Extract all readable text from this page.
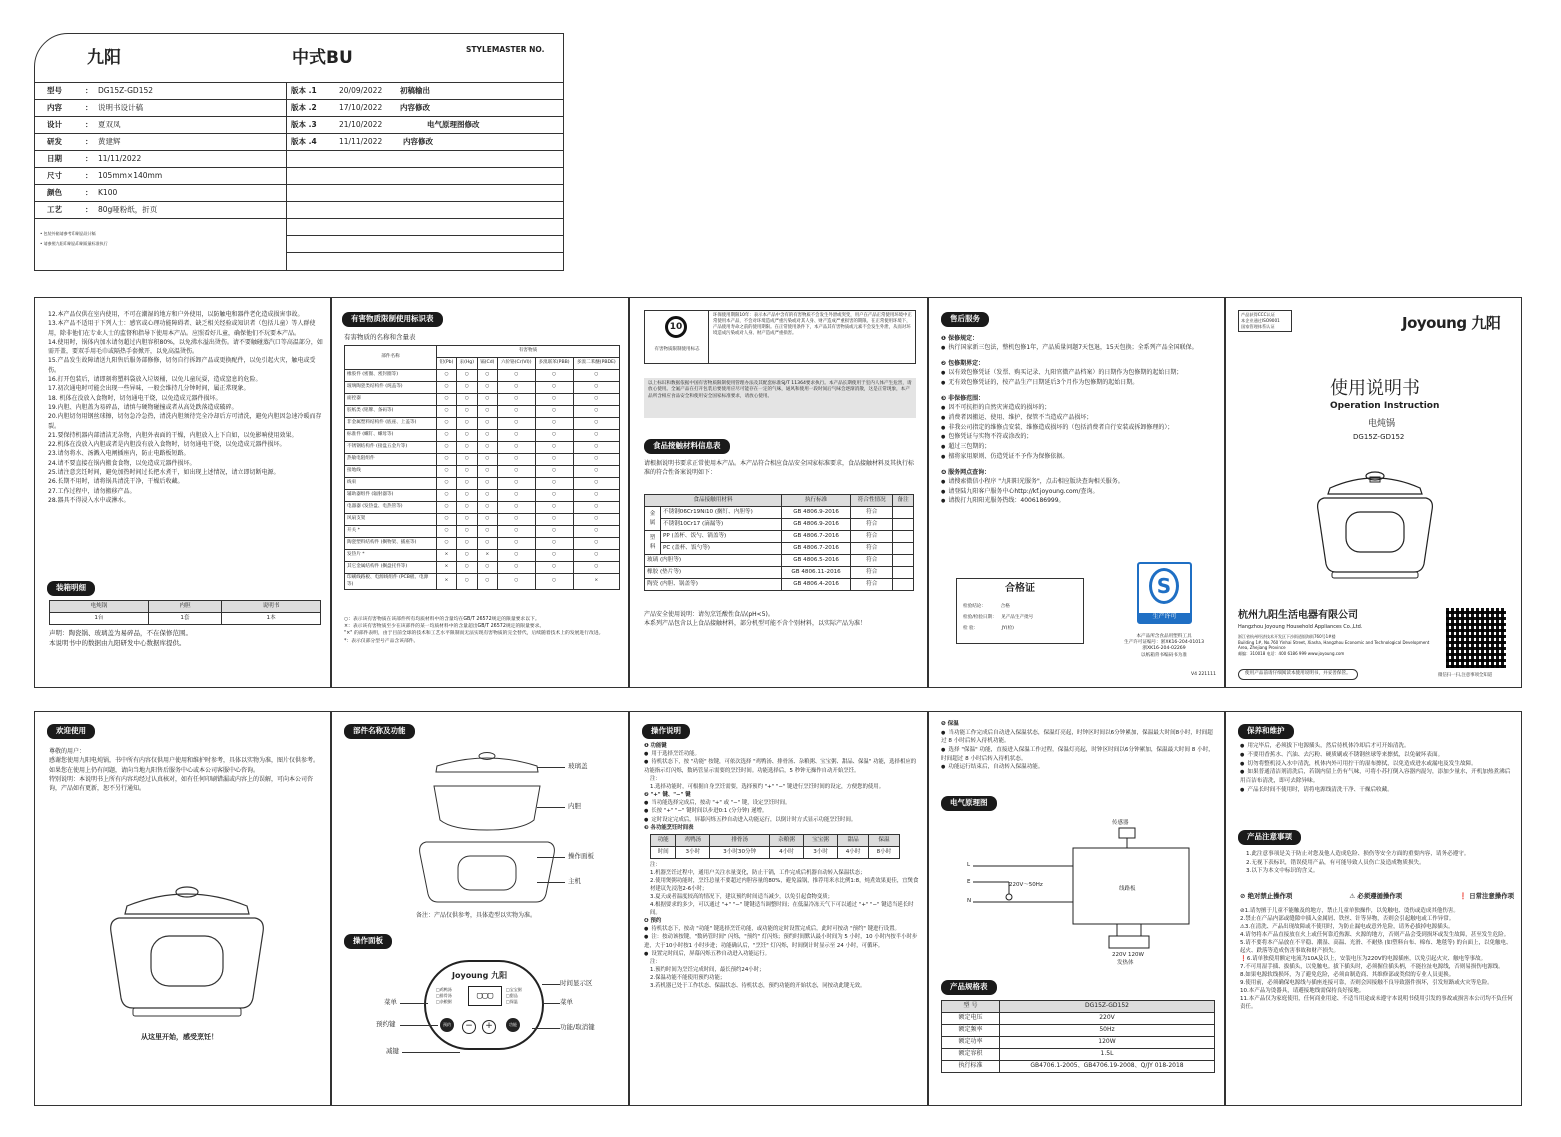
九阳	中式BU	STYLEMASTER NO.
型号	： DG15Z-GD152
内容	： 说明书设计稿
设计	： 夏双凤
研发	： 黄建辉
日期	： 11/11/2022
尺寸	： 105mm×140mm
颜色	： K100
工艺	： 80g哑粉纸，折页
版本 .1	20/09/2022 初稿输出
版本 .2	17/10/2022 内容修改
版本 .3	21/10/2022	电气原理图修改
版本 .4	11/11/2022	内容修改
• 包装外箱请参考印刷品设计稿
• 请参照九阳印刷品印刷质量标准执行
12.本产品仅供在室内使用，不可在潮湿的地方和户外使用，以防触电和器件老化造成损害事故。
13.本产品不适用于下列人士：感官或心理功能障碍者、缺乏相关经验或知识者（包括儿童）等人群使用，除非他们在专业人士的监督和指导下使用本产品。应照看好儿童，确保他们不玩要本产品。
14.使用时，锅体内加水请勿超过内胆容积80%，以免沸水溢出烫伤。请不要触碰蒸汽口等高温部分，如需开盖，要双手用毛巾或隔热手套掀开，以免高温烫伤。
15.产品发生故障请送九阳售后服务部修修，切勿自行拆卸产品或更换配件，以免引起火灾，触电或受伤。
16.打开包装后，请即刻将塑料袋放入垃圾桶，以免儿童玩耍，造成窒息的危险。
17.初次通电时可能会出现一些异味，一般会维持几分钟时间，属正常现象。
18. 机体在没放入食物时，切勿通电干烧，以免造成元器件损坏。
19.内胆、内胆盖为易碎品，请慎与硬物碰撞或者从高处跌落造成破碎。
20.内胆切勿用钢丝球擦，切勿急冷急热，清洗内胆须待完全冷却后方可清洗，避免内胆因急速冷暖而存裂。
21.要保持机器内部清洁无杂物，内胆外表面的干燥，内胆放入上下自如，以免影响使用效果。
22.机体在没放入内胆或者是内胆没有放入食物时，切勿通电干烧，以免造成元器件损坏。
23.请勿将水、汤溅入电闸插座内，防止电路板短路。
24.请不要直接在锅内搬食食物，以免造成元器件损坏。
25.请注意烹饪时间，避免加热时间过长把水煮干，如出现上述情况，请立即切断电源。
26.长期不用时，请将锅具清洗干净，干燥后收藏。
27.工作过程中，请勿搬移产品。
28.器具不得浸入水中或淋水。
装箱明细
电炖锅	内胆	说明书
1台	1套	1本
声明：陶瓷锅、玻璃盖为易碎品，不在保修范围。
本说明书中的数据由九阳研发中心数据库提供。
有害物质限制使用标识表
有害物质的名称和含量表
部件名称	有害物质					
	铅(Pb)	汞(Hg)	镉(Cd)	六价铬(Cr(VI))	多溴联苯(PBB)	多溴二苯醚(PBDE)
橡胶件 (密圈、密封圈等)	○	○	○	○	○	○
玻璃陶瓷类结构件 (炖盖等)	○	○	○	○	○	○
面控器	○	○	○	○	○	○
胶纸类 (铭牌、条码等)	○	○	○	○	○	○
非金属塑料结构件 (底座、上盖等)	○	○	○	○	○	○
标准件 (螺钉、螺母等)	○	○	○	○	○	○
不锈钢结构件 (接盘五金片等)	○	○	○	○	○	○
热敏电阻组件	○	○	○	○	○	○
接地线	○	○	○	○	○	○
线束	○	○	○	○	○	○
辅助器组件 (辐射器等)	○	○	○	○	○	○
电器器 (发热盘、电热管等)	○	○	○	○	○	○
风扇支架	○	○	○	○	○	○
开关 *	○	○	○	○	○	○
陶瓷塑料结构件 (搁物架、插座等)	○	○	○	○	○	○
发热片 *	×	○	×	○	○	○
其它金属结构件 (搁盘托件等)	×	○	○	○	○	○
印刷线路板、电源线组件 (PCB板、电源等)	×	○	○	○	○	×
○：表示该有害物质在该部件所有均质材料中的含量均在GB/T 26572规定的限量要求以下。
×：表示该有害物质至少在该部件的某一均质材料中的含量超出GB/T 26572规定的限量要求。
"×" 的部件表明，由于目前全球的技术和工艺水平限制而无法实现有害物质的完全替代，后续随着技术上的发展进行改进。
*：表示仅部分型号产品含该部件。
10
有害物质限制使用标志
环保使用期限10年：表示本产品中含有的有害物质不会发生外泄或突变，用户在产品正常使用环境中正常使用本产品，不会对环境造成严重污染或对其人身、财产造成严重损害的期限。在正常使用环境下，产品使用寿命之前的使用期限。在正常使用条件下，本产品其有害物质或元素不会发生外泄，从而对环境造成污染或对人身、财产造成严重损害。
以上标识和数据依据中国有害物质限制使用管理办法及其配套标准SJ/T 11364要求执行。本产品长期使用于室内人体产生危害，请放心使用。全氟产品在打开包装后要使用应尽可能存在一定的气味，通风和使用一段时间后气味会逐渐消散，这是正常现象，本产品所含相应食品安全和使用安全国家标准要求，请放心使用。
食品接触材料信息表
请根据说明书要求正常使用本产品。本产品符合相应食品安全国家标准要求，食品接触材料及其执行标准的符合性备案说明如下：
食品接触用材料		执行标准	符合性情况	备注
金属	不锈钢06Cr19Ni10 (搁钉、内胆等)	GB 4806.9-2016	符合	
	不锈钢10Cr17 (滴漏等)	GB 4806.9-2016	符合	
塑料	PP (盖杯、饭勺、锅盖等)	GB 4806.7-2016	符合	
	PC (盖杯、饭勺等)	GB 4806.7-2016	符合	
玻璃 (内胆等)		GB 4806.5-2016	符合	
橡胶 (垫片等)		GB 4806.11-2016	符合	
陶瓷 (内胆、锅盖等)		GB 4806.4-2016	符合	
产品安全使用说明：请勿烹饪酸性食品(pH<5)。
本系列产品包含以上食品接触材料，部分机型可能不含个别材料，以实际产品为准！
售后服务
❶ 保修规定：
● 执行国家新三包法，整机包修1年，产品质量问题7天包退，15天包换；全系列产品全国联保。
❷ 包修期界定：
● 以有效包修凭证（发票、购买记录、九阳官微产品档案）的日期作为包修期的起始日期；
● 无有效包修凭证的，按产品生产日期延后3个月作为包修期的起始日期。
❸ 非保修范围：
● 因不可抗拒的自然灾害造成的损坏的；
● 消费者因搬运、使用、维护、保管不当造成产品损坏；
● 非我公司指定的维修点安装、维修造成损坏的（包括消费者自行安装或拆卸修理的）；
● 包修凭证与实物不符或涂改的；
● 超过三包期的；
● 擅将家用原则、仿造凭证不予作为保修依据。
❹ 服务网点查询：
● 请搜索微信小程序 "九阳阳光服务"，点击相应版块查询相关服务。
● 请登陆九阳客户服务中心http://kf.joyoung.com/查询。
● 请拨打九阳阳光服务热线：4006186999。
合格证
检验结论：	合格
检验/检验日期： 见产品生产批号
检 验：	JY(检)
S
生产许可
本产品所含食品用塑料工具
生产许可证编号：浙XK16-204-01013
浙XK16-204-02269
以纸箱背书编码书为准
V4 221111
产品获得CCC认证
本企业通过ISO9001
国家管理体系认证	Joyoung 九阳
使用说明书
Operation Instruction
电炖锅
DG15Z-GD152
杭州九阳生活电器有限公司
Hangzhou Joyoung Household Appliances Co.,Ltd.
浙江省杭州经济技术开发区下沙街道银海街760号1#楼
Building 1#, No.760 Yinhai Street, Xiasha, Hangzhou Economic and Technological Development Area, Zhejiang Province
邮编：310018 电话：400 6186 999 www.joyoung.com
使用产品前请仔细阅读本使用说明书，并妥善保管。	微信扫一扫,注意事项全知道
欢迎使用
尊敬的用户：
感谢您使用九阳电炖锅，书中所有内容仅供用户使用和维护时参考，具体以实物为准，图片仅供参考。如果您在使用上仍有问题，请向当地九阳售后服务中心或本公司客服中心咨询。
特别说明：本说明书上所有内容均经过认真核对，如有任何印刷错漏或内容上的误解，可向本公司咨询，产品如有更新，恕不另行通知。
从这里开始，感受烹饪！
部件名称及功能
玻璃盖
内胆
操作面板
主机
备注：产品仅供参考，具体造型以实物为准。
操作面板
Joyoung 九阳
□鸡鸭汤
□排骨汤
□杂粮粥
▢▢▢
□宝宝粥
□甜品
□保温
预约	−	+	功能
时间显示区
菜单
功能/取消键
菜单
预约键
减键
操作说明
❶ 功能键
● 用于选择烹饪功能。
● 待机状态下，按 "功能" 按键，可依次选择 "鸡鸭汤、排骨汤、杂粮粥、宝宝粥、甜品、保温" 功能，选择相应的功能指示灯闪烁，数码管显示需要的烹饪时间。功能选择后，5 秒钟无操作自动开始烹饪。
注：
1.选择功能时，可根据自身烹饪需要，选择预约 "+" "−" 键进行烹饪时间的设定，方便您的使用。
❷ "+" 键、"−" 键
● 当功能选择完成后，按动 "+" 或 "−" 键，设定烹饪时间。
● 长按 "+" "−" 键时间以步进0:1 (分分钟) 递增。
● 定时设定完成后，屏幕闪烁五秒自动进入功能运行，以倒计时方式显示功能烹饪时间。
❸ 各功能烹饪时间表
功能	鸡鸭汤	排骨汤	杂粮粥	宝宝粥	甜品	保温
时间	3小时	3小时30分钟	4小时	3小时	4小时	8小时
注：
1.机器烹饪过程中，通用户关注水量变化，防止干锅，工作完成后机器自动转入保温状态；
2.使用煲粥功能时，烹饪总量不要超过内胆容量的80%，避免溢锅，推荐用米水比例1:8，炖煮效果更佳，宜煲食材建议先浸泡2-6小时；
3.夏天或者温度较高的情况下，建议预约时间适当减少，以免引起食物变质；
4.根据要求的多少，可以通过 "+" "−" 键键适当调整时间；在低温冷冻天气下可以通过 "+" "−" 键适当延长时间。
❹ 预约
● 待机状态下，按动 "功能" 键选择烹饪功能，或功能的定时设置完成后，此时可按动 "预约" 键进行设置。
● 注：按动该按键，"数码管时间" 闪烁，"预约" 灯闪烁；预约时间默认最小时间为 5 小时，10 小时内按半小时步进，大于10小时按1 小时步进；功能确认后，"烹饪" 灯闪烁，时间倒计时显示至 24 小时，可循环。
● 设置完时间后，屏幕闪烁五秒自动进入功能运行。
注：
1.预约时间为烹饪完成时间，最长预约24小时；
2.保温功能不能使用预约功能；
3.若机器已处于工作状态、保温状态、待机状态，预约功能的开始状态，同按动此键无效。
❺ 保温
● 当功能工作完成后自动进入保温状态，保温灯亮起，时钟区时间以6分钟累加，保温最大时间8小时，时间超过 8 小时后转入待机功能。
● 选择 "保温" 功能，直接进入保温工作过程，保温灯亮起，时钟区时间以6分钟累加，保温最大时间 8 小时，时间超过 8 小时后转入待机状态。
● 功能运行结束后，自动转入保温功能。
电气原理图
传感器
线路板
220V～50Hz
L
E
N
220V 120W
发热体
产品规格表
型 号	DG15Z-GD152
额定电压	220V
额定频率	50Hz
额定功率	120W
额定容积	1.5L
执行标准	GB4706.1-2005、GB4706.19-2008、Q/JY 018-2018
保养和维护
● 用完毕后，必须拔下电源插头，然后待机体冷却后才可开始清洗。
● 不要用香蕉水、汽油、去污粉、硬质刷或不锈钢丝球等来擦拭，以免破坏表面。
● 切勿将整机浸入水中清洗，机体内外可用拧干的湿布擦拭，以免造成进水或漏电及发生故障。
● 如果普通清洁剂清洗后，若锅内留上仍有气味，可将小苏打倒入容器内混匀，添加少量水，开机加热煮沸后用百洁布清洗，即可去除异味。
● 产品长时间不使用时，请将电源线清洗干净、干燥后收藏。
产品注意事项
1.此注意事项是关于防止对您及他人造成危险、损伤等安全方面的重要内容，请务必遵守。
2.无视下表标识，错误使用产品，有可能导致人员伤亡及造成物质损失。
3.以下为本文中标识的含义。
⊘ 绝对禁止操作项	⚠ 必须遵循操作项	❗ 日常注意操作项
⊘1.请勿擅于儿童不能触及的地方，禁止儿童单独操作，以免触电、烫伤或造成其他伤害。
2.禁止在产品内部或缝隙中插入金属屑、铁丝、针等异物，否则会引起触电或工作异常。
⚠3.在清洗、产品出现故障或不使用时，为防止漏电或意外危险，请务必拔掉电源插头。
4.请勿将本产品直接放在火上或任何靠近热源、火源的地方，否则产品会受到损坏或发生故障，甚至发生危险。
5.请不要将本产品放在不平稳、潮湿、高温、光滑、不耐热 (如塑料台布、棉布、地毯等) 的台面上，以免触电、起火、跌落等造成伤害事故和财产损失。
❗6.请单独使用额定电流为10A及以上，安装电压为220V的电源插座，以免引起火灾、触电等事故。
7.不可用湿手插、拔插头，以免触电。拔下插头时，必须握住插头柄，不能拉扯电源线，否则易损伤电源线。
8.如果电源软线损坏，为了避免危险，必须由制造商、其维修部或类似的专业人员更换。
9.使用前，必须确保电源线与插座连接可靠，否则会因接触不良导致器件损坏，引发短路或火灾等危险。
10.本产品为烫器具，请避接地线需保持良好接地。
11.本产品仅为家庭使用，任何商业用途、不适当用途或未遵守本说明书使用引发的事故或损害本公司均不负任何责任。
